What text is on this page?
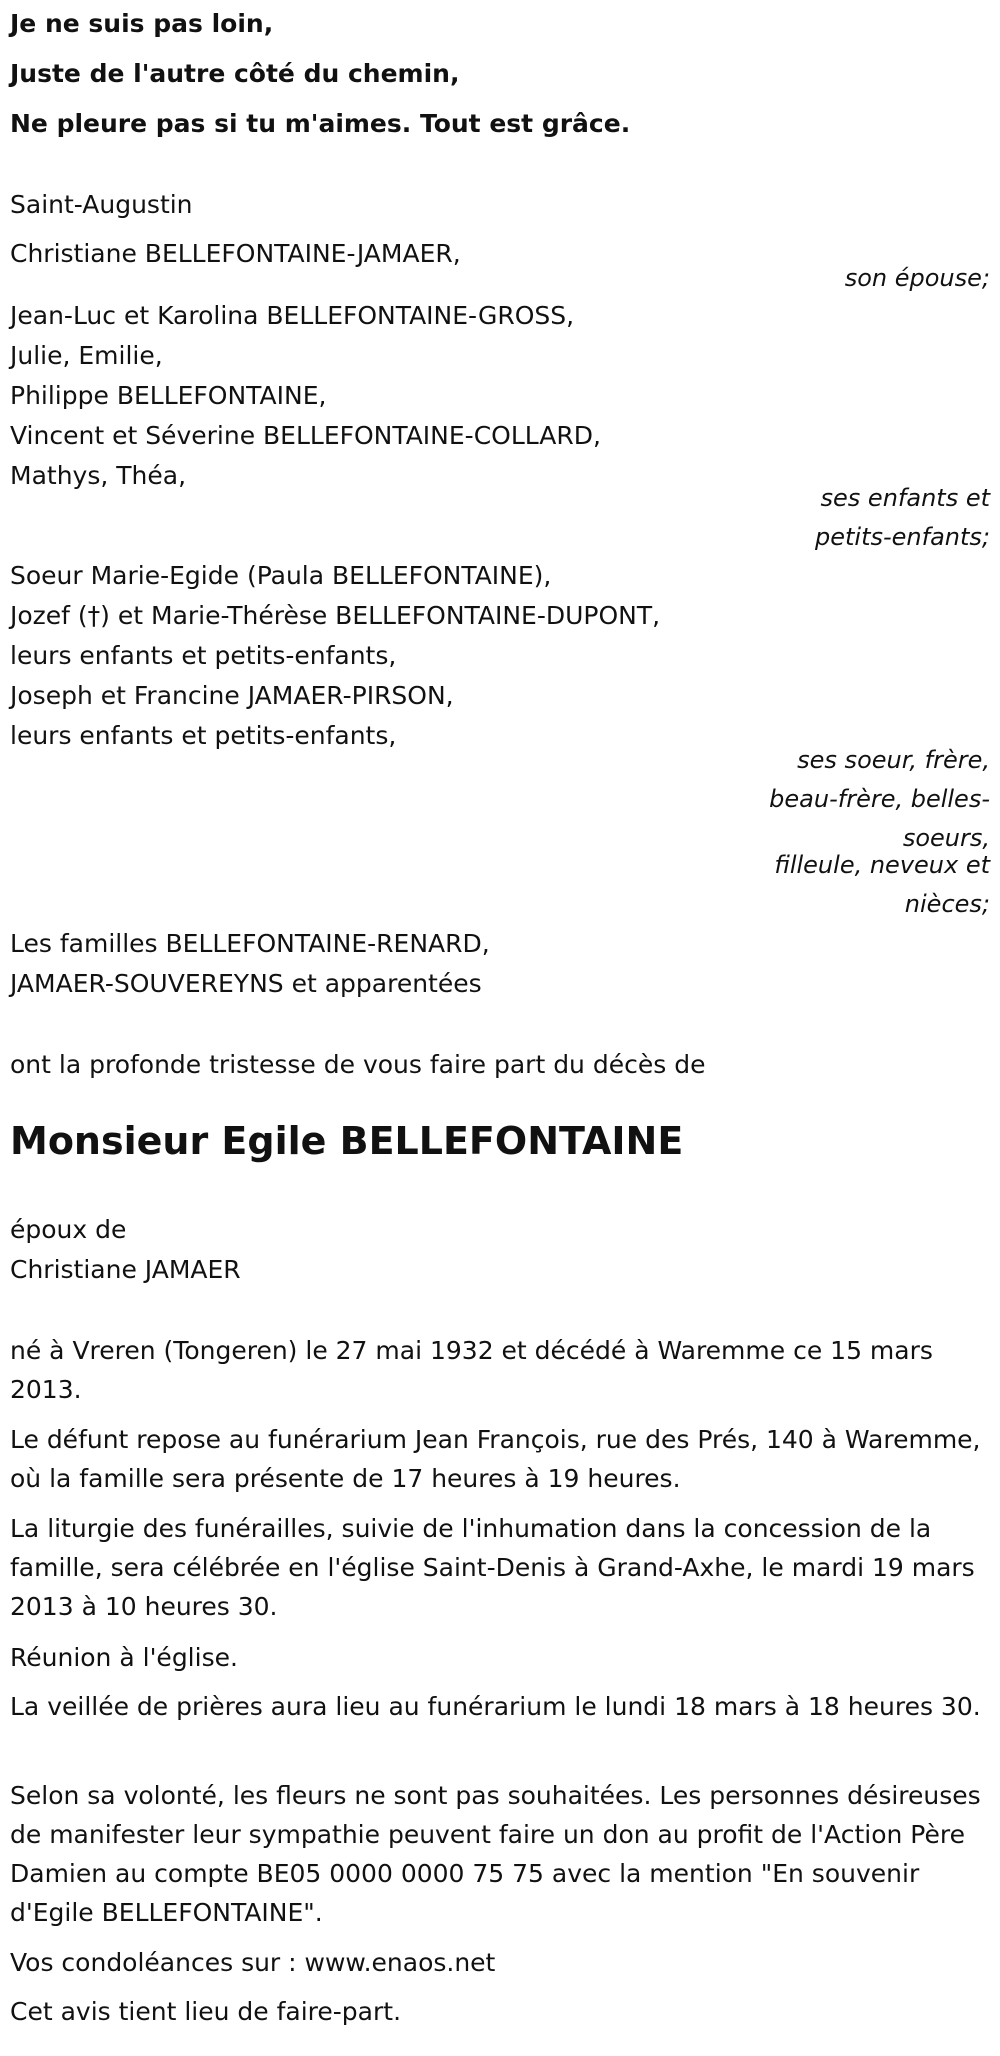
Je ne suis pas loin,

Juste de l'autre côté du chemin,

Ne pleure pas si tu m'aimes. Tout est grâce.

Saint-Augustin

Christiane BELLEFONTAINE-JAMAER,

son épouse;

Jean-Luc et Karolina BELLEFONTAINE-GROSS,

Julie, Emilie,

Philippe BELLEFONTAINE,

Vincent et Séverine BELLEFONTAINE-COLLARD,

Mathys, Théa,

ses enfants et

petits-enfants;

Soeur Marie-Egide (Paula BELLEFONTAINE),

Jozef (†) et Marie-Thérèse BELLEFONTAINE-DUPONT,

leurs enfants et petits-enfants,

Joseph et Francine JAMAER-PIRSON,

leurs enfants et petits-enfants,

ses soeur, frère,

beau-frère, belles-

soeurs,

filleule, neveux et

nièces;

Les familles BELLEFONTAINE-RENARD,

JAMAER-SOUVEREYNS et apparentées

ont la profonde tristesse de vous faire part du décès de

Monsieur Egile BELLEFONTAINE

époux de

Christiane JAMAER

né à Vreren (Tongeren) le 27 mai 1932 et décédé à Waremme ce 15 mars 2013.

Le défunt repose au funérarium Jean François, rue des Prés, 140 à Waremme, où la famille sera présente de 17 heures à 19 heures.

La liturgie des funérailles, suivie de l'inhumation dans la concession de la famille, sera célébrée en l'église Saint-Denis à Grand-Axhe, le mardi 19 mars 2013 à 10 heures 30.

Réunion à l'église.

La veillée de prières aura lieu au funérarium le lundi 18 mars à 18 heures 30.

Selon sa volonté, les fleurs ne sont pas souhaitées. Les personnes désireuses de manifester leur sympathie peuvent faire un don au profit de l'Action Père Damien au compte BE05 0000 0000 75 75 avec la mention "En souvenir d'Egile BELLEFONTAINE".

Vos condoléances sur : www.enaos.net

Cet avis tient lieu de faire-part.
